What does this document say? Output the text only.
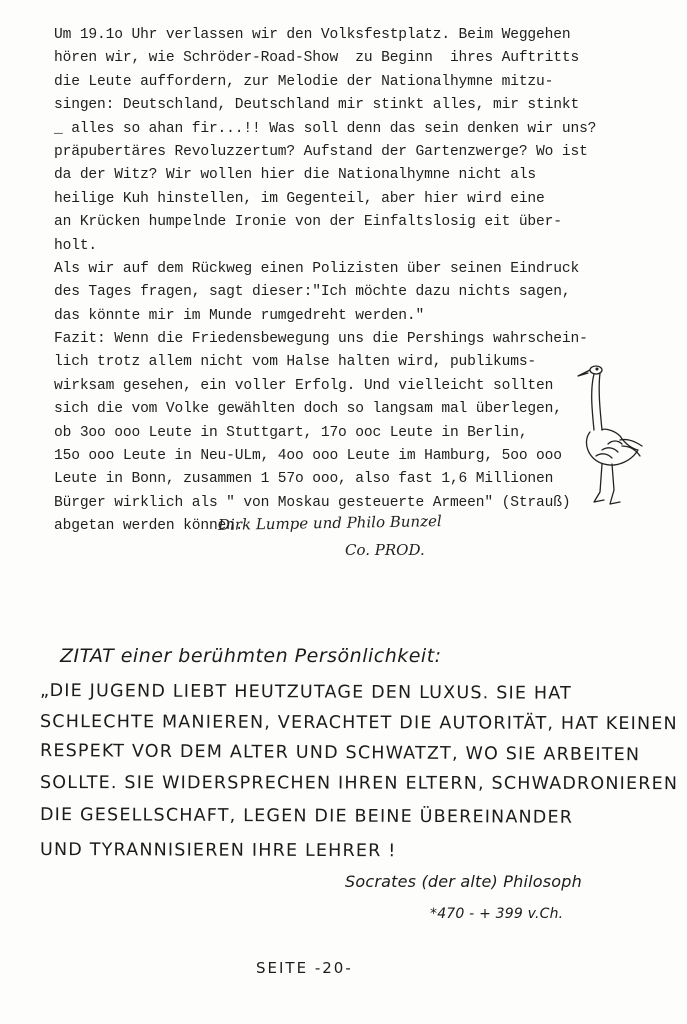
Um 19.1o Uhr verlassen wir den Volksfestplatz. Beim Weggehen
hören wir, wie Schröder-Road-Show  zu Beginn  ihres Auftritts
die Leute auffordern, zur Melodie der Nationalhymne mitzu-
singen: Deutschland, Deutschland mir stinkt alles, mir stinkt
_ alles so ahan fir...!! Was soll denn das sein denken wir uns?
präpubertäres Revoluzzertum? Aufstand der Gartenzwerge? Wo ist
da der Witz? Wir wollen hier die Nationalhymne nicht als
heilige Kuh hinstellen, im Gegenteil, aber hier wird eine
an Krücken humpelnde Ironie von der Einfaltslosig eit über-
holt.
Als wir auf dem Rückweg einen Polizisten über seinen Eindruck
des Tages fragen, sagt dieser:"Ich möchte dazu nichts sagen,
das könnte mir im Munde rumgedreht werden."
Fazit: Wenn die Friedensbewegung uns die Pershings wahrschein-
lich trotz allem nicht vom Halse halten wird, publikums-
wirksam gesehen, ein voller Erfolg. Und vielleicht sollten
sich die vom Volke gewählten doch so langsam mal überlegen,
ob 3oo ooo Leute in Stuttgart, 17o ooc Leute in Berlin,
15o ooo Leute in Neu-ULm, 4oo ooo Leute im Hamburg, 5oo ooo
Leute in Bonn, zusammen 1 57o ooo, also fast 1,6 Millionen
Bürger wirklich als " von Moskau gesteuerte Armeen" (Strauß)
abgetan werden können.
Dirk Lumpe und Philo Bunzel
Co. PROD.
ZITAT einer berühmten Persönlichkeit:
„DIE JUGEND LIEBT HEUTZUTAGE DEN LUXUS. SIE HAT
SCHLECHTE MANIEREN, VERACHTET DIE AUTORITÄT, HAT KEINEN
RESPEKT VOR DEM ALTER UND SCHWATZT, WO SIE ARBEITEN
SOLLTE. SIE WIDERSPRECHEN IHREN ELTERN, SCHWADRONIEREN
DIE GESELLSCHAFT, LEGEN DIE BEINE ÜBEREINANDER
UND TYRANNISIEREN IHRE LEHRER !
Socrates (der alte) Philosoph
*470 - + 399 v.Ch.
SEITE -20-
